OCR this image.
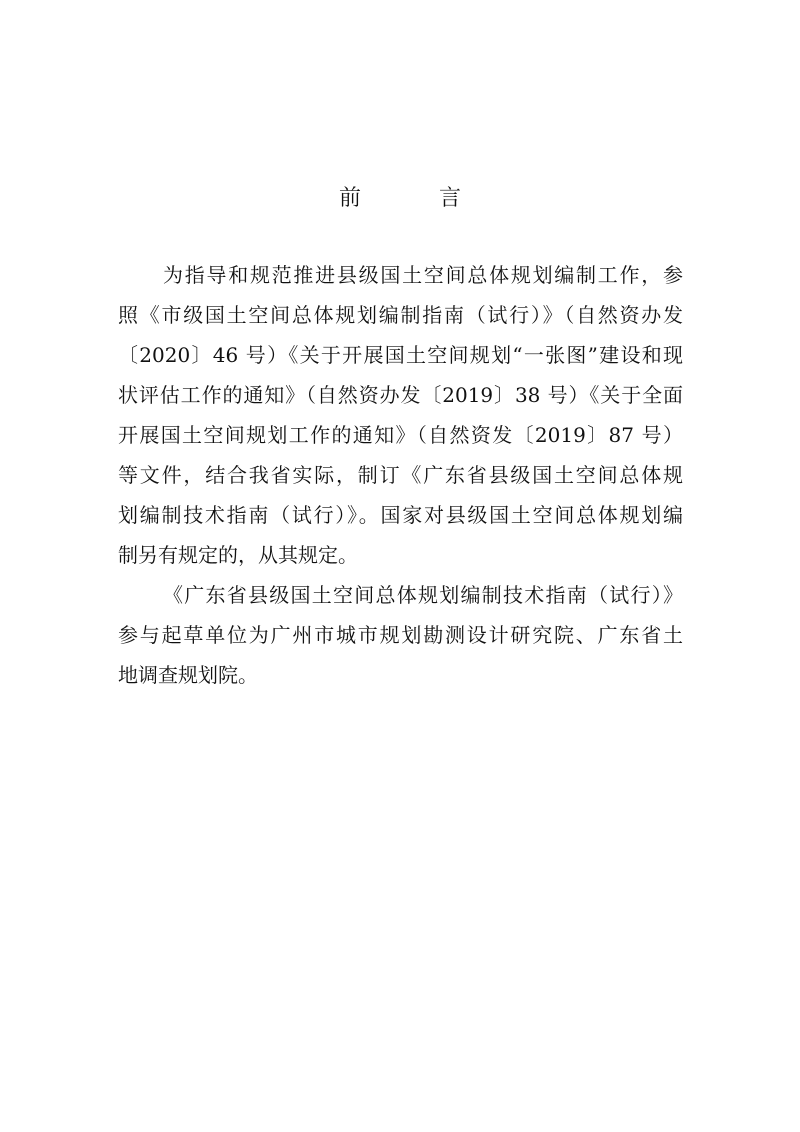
前　言
为指导和规范推进县级国土空间总体规划编制工作，参
照《市级国土空间总体规划编制指南（试行）》（自然资办发
〔2020〕46 号）《关于开展国土空间规划“一张图”建设和现
状评估工作的通知》（自然资办发〔2019〕38 号）《关于全面
开展国土空间规划工作的通知》（自然资发〔2019〕87 号）
等文件，结合我省实际，制订《广东省县级国土空间总体规
划编制技术指南（试行）》。国家对县级国土空间总体规划编
制另有规定的，从其规定。
《广东省县级国土空间总体规划编制技术指南（试行）》
参与起草单位为广州市城市规划勘测设计研究院、广东省土
地调查规划院。
